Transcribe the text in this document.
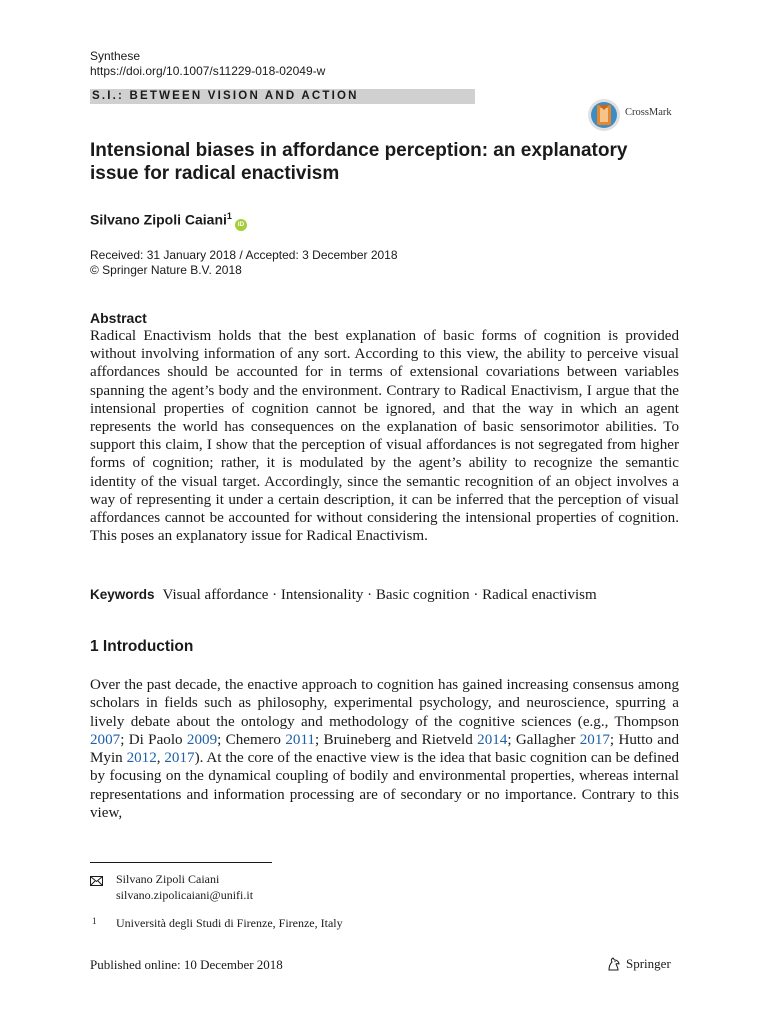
Synthese
https://doi.org/10.1007/s11229-018-02049-w
S.I.: BETWEEN VISION AND ACTION
CrossMark
Intensional biases in affordance perception: an explanatory issue for radical enactivism
Silvano Zipoli Caiani$^1$iD
Received: 31 January 2018 / Accepted: 3 December 2018
© Springer Nature B.V. 2018
Abstract
Radical Enactivism holds that the best explanation of basic forms of cognition is provided without involving information of any sort. According to this view, the ability to perceive visual affordances should be accounted for in terms of extensional covariations between variables spanning the agent’s body and the environment. Contrary to Radical Enactivism, I argue that the intensional properties of cognition cannot be ignored, and that the way in which an agent represents the world has consequences on the explanation of basic sensorimotor abilities. To support this claim, I show that the perception of visual affordances is not segregated from higher forms of cognition; rather, it is modulated by the agent’s ability to recognize the semantic identity of the visual target. Accordingly, since the semantic recognition of an object involves a way of representing it under a certain description, it can be inferred that the perception of visual affordances cannot be accounted for without considering the intensional properties of cognition. This poses an explanatory issue for Radical Enactivism.
Keywords Visual affordance · Intensionality · Basic cognition · Radical enactivism
1 Introduction
Over the past decade, the enactive approach to cognition has gained increasing consensus among scholars in fields such as philosophy, experimental psychology, and neuroscience, spurring a lively debate about the ontology and methodology of the cognitive sciences (e.g., Thompson 2007; Di Paolo 2009; Chemero 2011; Bruineberg and Rietveld 2014; Gallagher 2017; Hutto and Myin 2012, 2017). At the core of the enactive view is the idea that basic cognition can be defined by focusing on the dynamical coupling of bodily and environmental properties, whereas internal representations and information processing are of secondary or no importance. Contrary to this view,
Silvano Zipoli Caiani
silvano.zipolicaiani@unifi.it
1 Università degli Studi di Firenze, Firenze, Italy
Published online: 10 December 2018	Springer
